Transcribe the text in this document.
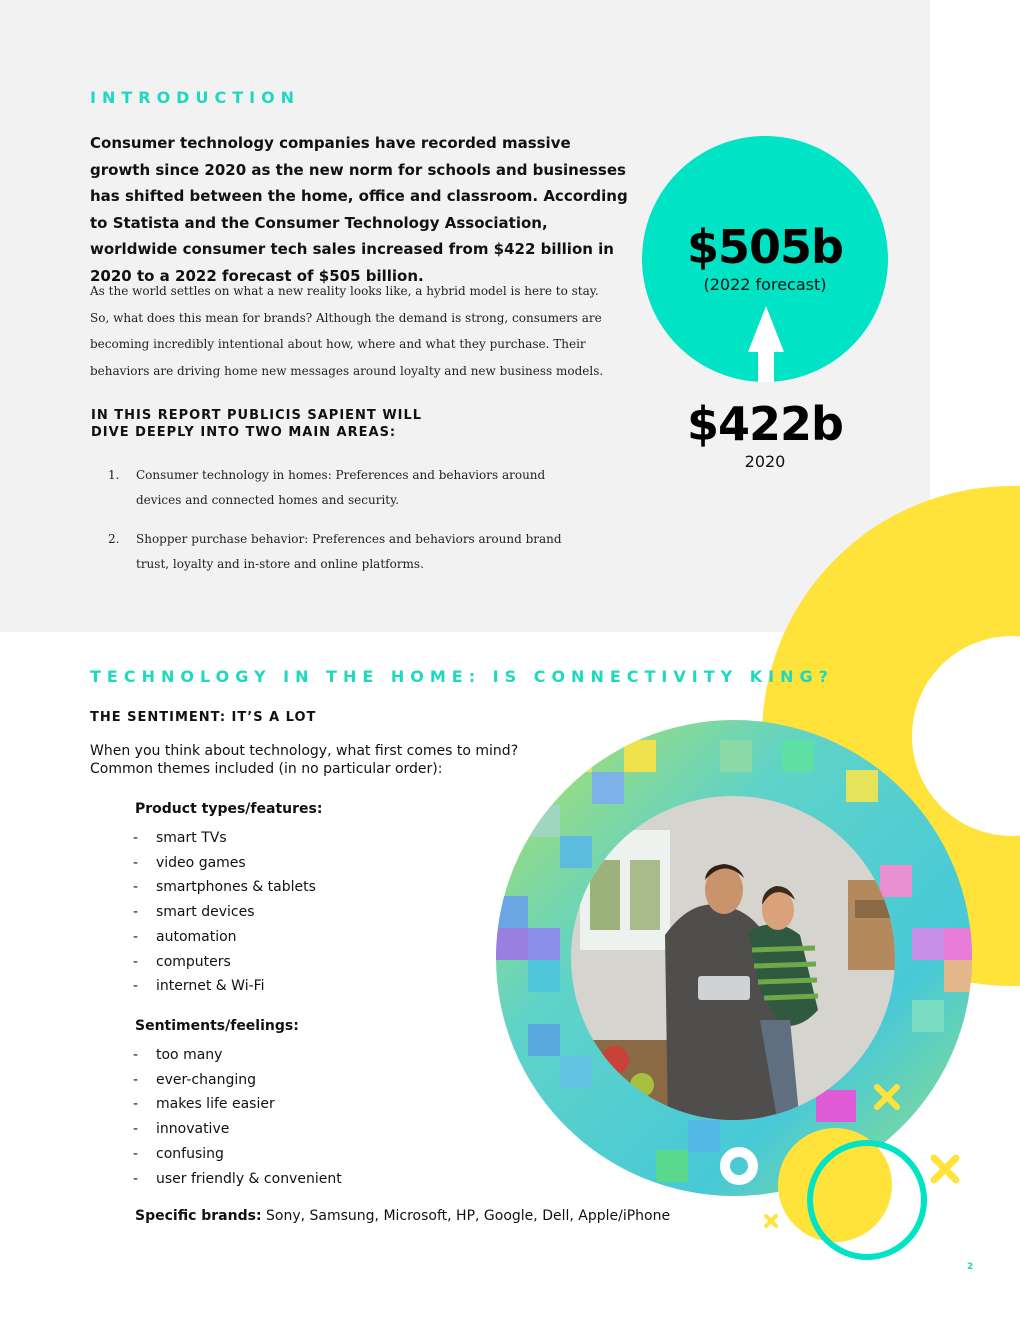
INTRODUCTION
Consumer technology companies have recorded massive growth since 2020 as the new norm for schools and businesses has shifted between the home, office and classroom. According to Statista and the Consumer Technology Association, worldwide consumer tech sales increased from $422 billion in 2020 to a 2022 forecast of $505 billion.
As the world settles on what a new reality looks like, a hybrid model is here to stay. So, what does this mean for brands? Although the demand is strong, consumers are becoming incredibly intentional about how, where and what they purchase. Their behaviors are driving home new messages around loyalty and new business models.
IN THIS REPORT PUBLICIS SAPIENT WILL DIVE DEEPLY INTO TWO MAIN AREAS:
1. Consumer technology in homes: Preferences and behaviors around devices and connected homes and security.
2. Shopper purchase behavior: Preferences and behaviors around brand trust, loyalty and in-store and online platforms.
$505b
(2022 forecast)
$422b
2020
TECHNOLOGY IN THE HOME: IS CONNECTIVITY KING?
THE SENTIMENT: IT’S A LOT
When you think about technology, what first comes to mind?
Common themes included (in no particular order):
Product types/features:
- smart TVs
- video games
- smartphones & tablets
- smart devices
- automation
- computers
- internet & Wi-Fi
Sentiments/feelings:
- too many
- ever-changing
- makes life easier
- innovative
- confusing
- user friendly & convenient
Specific brands: Sony, Samsung, Microsoft, HP, Google, Dell, Apple/iPhone
2
